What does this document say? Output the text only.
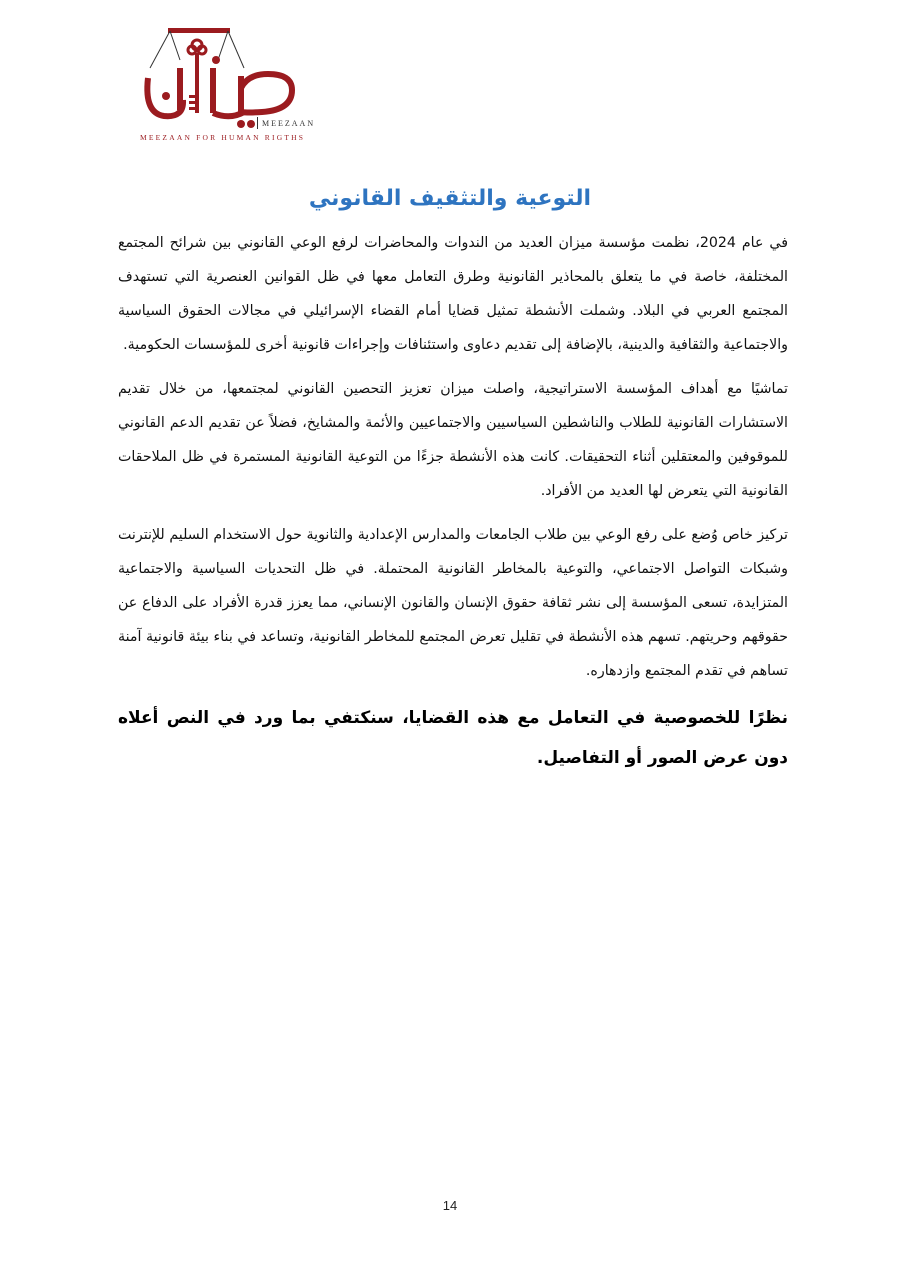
MEEZAAN
MEEZAAN FOR HUMAN RIGTHS
التوعية والتثقيف القانوني

في عام 2024، نظمت مؤسسة ميزان العديد من الندوات والمحاضرات لرفع الوعي القانوني بين شرائح المجتمع المختلفة، خاصة في ما يتعلق بالمحاذير القانونية وطرق التعامل معها في ظل القوانين العنصرية التي تستهدف المجتمع العربي في البلاد. وشملت الأنشطة تمثيل قضايا أمام القضاء الإسرائيلي في مجالات الحقوق السياسية والاجتماعية والثقافية والدينية، بالإضافة إلى تقديم دعاوى واستئنافات وإجراءات قانونية أخرى للمؤسسات الحكومية.

تماشيًا مع أهداف المؤسسة الاستراتيجية، واصلت ميزان تعزيز التحصين القانوني لمجتمعها، من خلال تقديم الاستشارات القانونية للطلاب والناشطين السياسيين والاجتماعيين والأئمة والمشايخ، فضلاً عن تقديم الدعم القانوني للموقوفين والمعتقلين أثناء التحقيقات. كانت هذه الأنشطة جزءًا من التوعية القانونية المستمرة في ظل الملاحقات القانونية التي يتعرض لها العديد من الأفراد.

تركيز خاص وُضع على رفع الوعي بين طلاب الجامعات والمدارس الإعدادية والثانوية حول الاستخدام السليم للإنترنت وشبكات التواصل الاجتماعي، والتوعية بالمخاطر القانونية المحتملة. في ظل التحديات السياسية والاجتماعية المتزايدة، تسعى المؤسسة إلى نشر ثقافة حقوق الإنسان والقانون الإنساني، مما يعزز قدرة الأفراد على الدفاع عن حقوقهم وحريتهم. تسهم هذه الأنشطة في تقليل تعرض المجتمع للمخاطر القانونية، وتساعد في بناء بيئة قانونية آمنة تساهم في تقدم المجتمع وازدهاره.

نظرًا للخصوصية في التعامل مع هذه القضايا، سنكتفي بما ورد في النص أعلاه دون عرض الصور أو التفاصيل.

14
